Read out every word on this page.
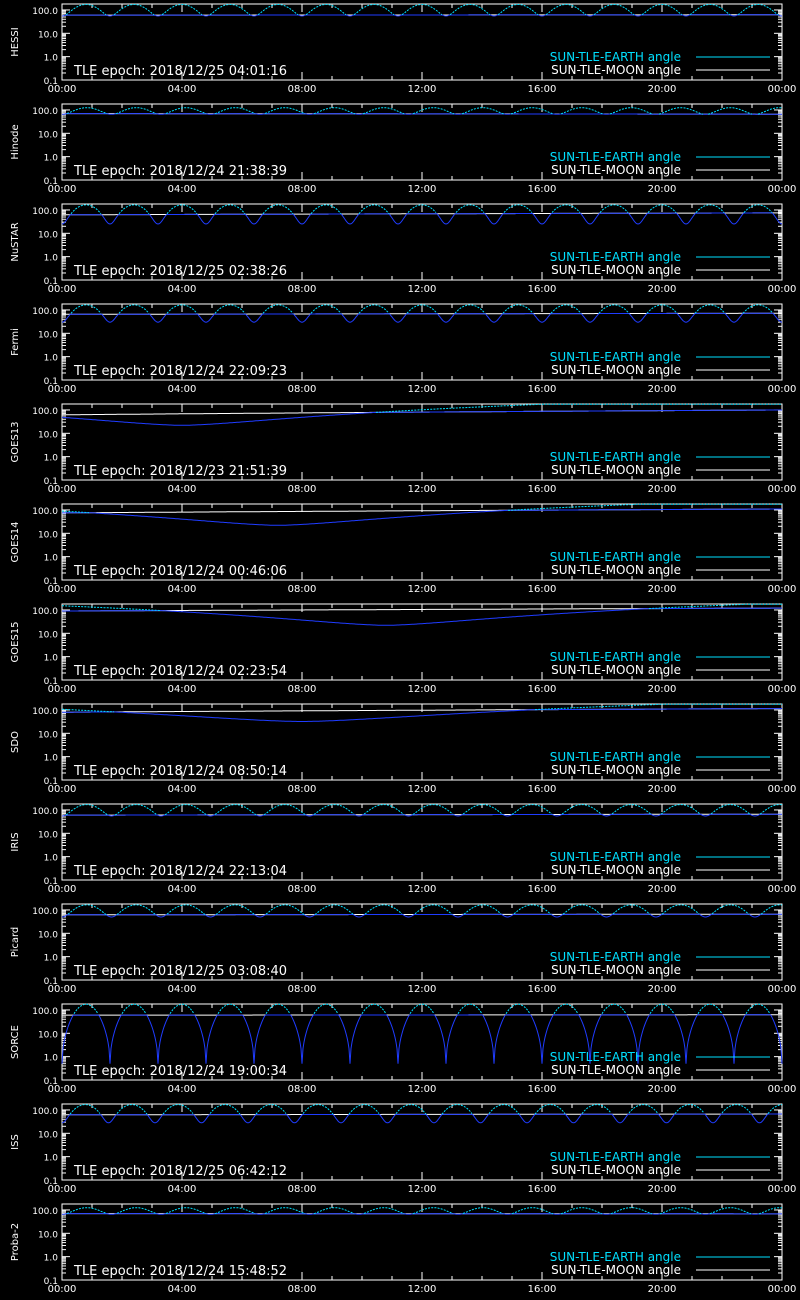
0.1
1.0
10.0
100.0
00:00	04:00	08:00	12:00	16:00	20:00	00:00
HESSI
TLE epoch: 2018/12/25 04:01:16
SUN-TLE-EARTH angle
SUN-TLE-MOON angle
0.1
1.0
10.0
100.0
00:00	04:00	08:00	12:00	16:00	20:00	00:00
Hinode
TLE epoch: 2018/12/24 21:38:39
SUN-TLE-EARTH angle
SUN-TLE-MOON angle
0.1
1.0
10.0
100.0
00:00	04:00	08:00	12:00	16:00	20:00	00:00
NuSTAR
TLE epoch: 2018/12/25 02:38:26
SUN-TLE-EARTH angle
SUN-TLE-MOON angle
0.1
1.0
10.0
100.0
00:00	04:00	08:00	12:00	16:00	20:00	00:00
Fermi
TLE epoch: 2018/12/24 22:09:23
SUN-TLE-EARTH angle
SUN-TLE-MOON angle
0.1
1.0
10.0
100.0
00:00	04:00	08:00	12:00	16:00	20:00	00:00
GOES13
TLE epoch: 2018/12/23 21:51:39
SUN-TLE-EARTH angle
SUN-TLE-MOON angle
0.1
1.0
10.0
100.0
00:00	04:00	08:00	12:00	16:00	20:00	00:00
GOES14
TLE epoch: 2018/12/24 00:46:06
SUN-TLE-EARTH angle
SUN-TLE-MOON angle
0.1
1.0
10.0
100.0
00:00	04:00	08:00	12:00	16:00	20:00	00:00
GOES15
TLE epoch: 2018/12/24 02:23:54
SUN-TLE-EARTH angle
SUN-TLE-MOON angle
0.1
1.0
10.0
100.0
00:00	04:00	08:00	12:00	16:00	20:00	00:00
SDO
TLE epoch: 2018/12/24 08:50:14
SUN-TLE-EARTH angle
SUN-TLE-MOON angle
0.1
1.0
10.0
100.0
00:00	04:00	08:00	12:00	16:00	20:00	00:00
IRIS
TLE epoch: 2018/12/24 22:13:04
SUN-TLE-EARTH angle
SUN-TLE-MOON angle
0.1
1.0
10.0
100.0
00:00	04:00	08:00	12:00	16:00	20:00	00:00
Picard
TLE epoch: 2018/12/25 03:08:40
SUN-TLE-EARTH angle
SUN-TLE-MOON angle
0.1
1.0
10.0
100.0
00:00	04:00	08:00	12:00	16:00	20:00	00:00
SORCE
TLE epoch: 2018/12/24 19:00:34
SUN-TLE-EARTH angle
SUN-TLE-MOON angle
0.1
1.0
10.0
100.0
00:00	04:00	08:00	12:00	16:00	20:00	00:00
ISS
TLE epoch: 2018/12/25 06:42:12
SUN-TLE-EARTH angle
SUN-TLE-MOON angle
0.1
1.0
10.0
100.0
00:00	04:00	08:00	12:00	16:00	20:00	00:00
Proba-2
TLE epoch: 2018/12/24 15:48:52
SUN-TLE-EARTH angle
SUN-TLE-MOON angle
